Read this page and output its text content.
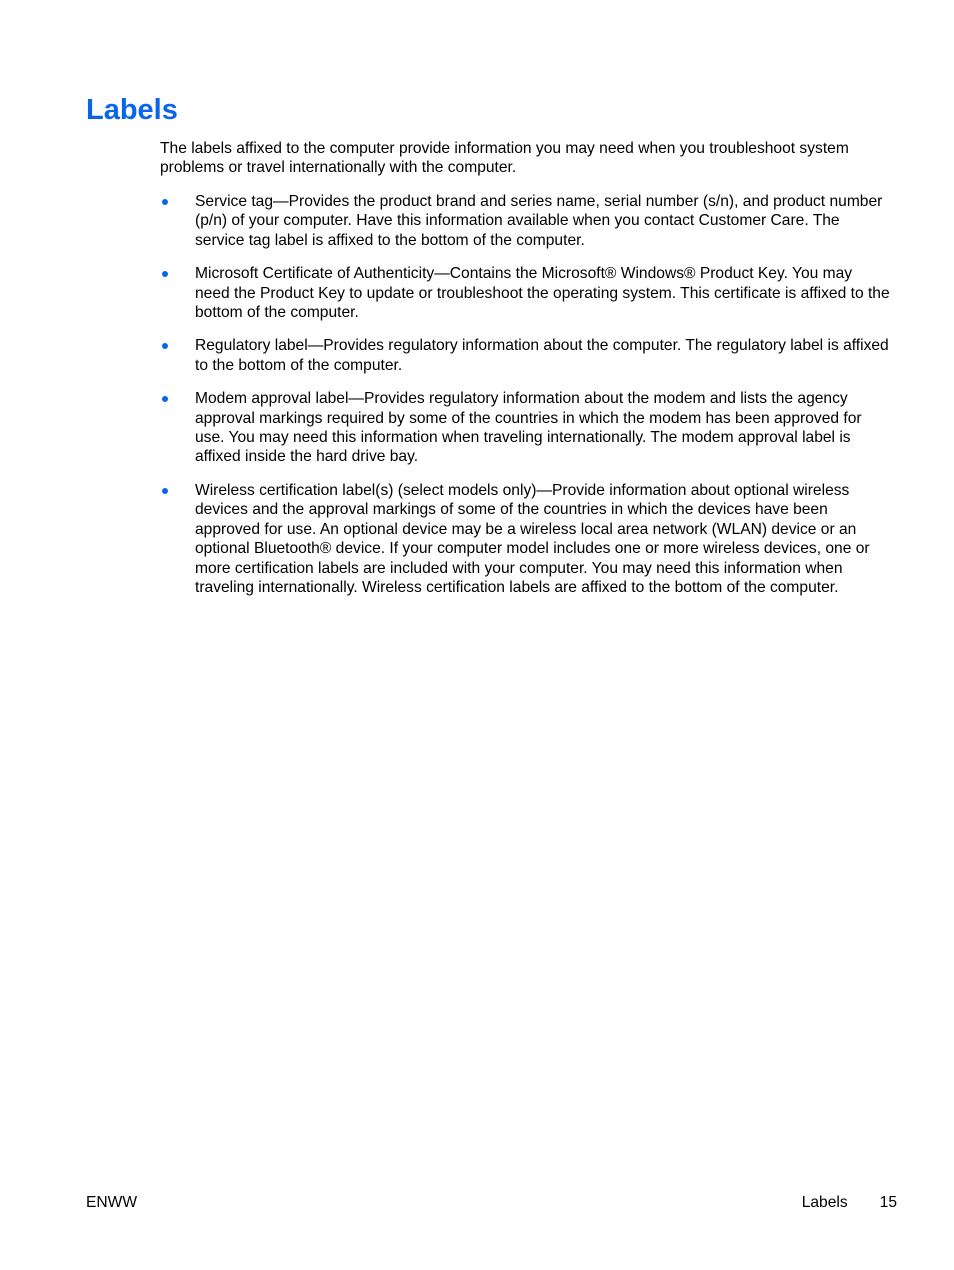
Labels

The labels affixed to the computer provide information you may need when you troubleshoot system problems or travel internationally with the computer.

Service tag—Provides the product brand and series name, serial number (s/n), and product number (p/n) of your computer. Have this information available when you contact Customer Care. The service tag label is affixed to the bottom of the computer.
Microsoft Certificate of Authenticity—Contains the Microsoft® Windows® Product Key. You may need the Product Key to update or troubleshoot the operating system. This certificate is affixed to the bottom of the computer.
Regulatory label—Provides regulatory information about the computer. The regulatory label is affixed to the bottom of the computer.
Modem approval label—Provides regulatory information about the modem and lists the agency approval markings required by some of the countries in which the modem has been approved for use. You may need this information when traveling internationally. The modem approval label is affixed inside the hard drive bay.
Wireless certification label(s) (select models only)—Provide information about optional wireless devices and the approval markings of some of the countries in which the devices have been approved for use. An optional device may be a wireless local area network (WLAN) device or an optional Bluetooth® device. If your computer model includes one or more wireless devices, one or more certification labels are included with your computer. You may need this information when traveling internationally. Wireless certification labels are affixed to the bottom of the computer.
ENWW	Labels 15
